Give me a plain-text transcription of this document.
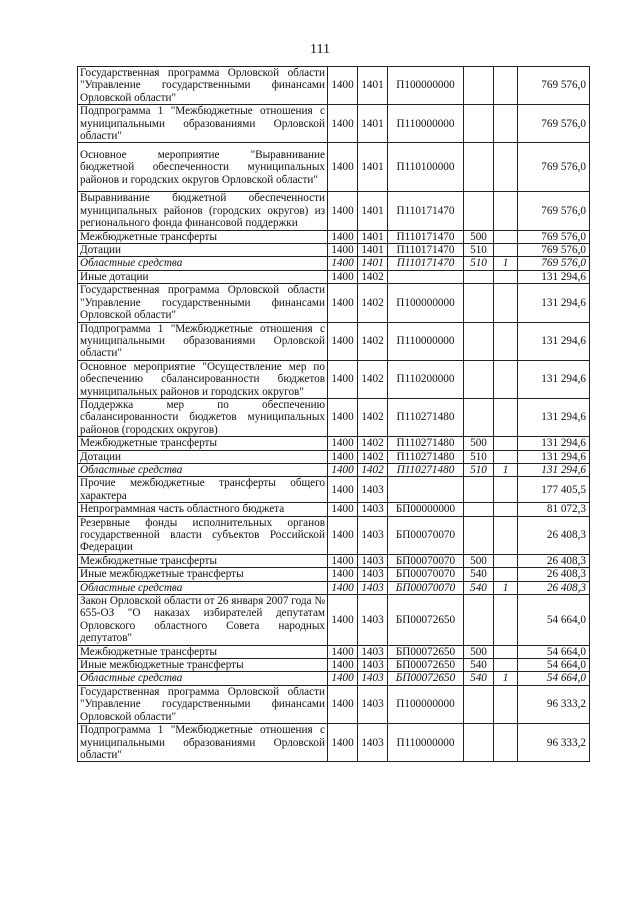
111
Государственная программа Орловской области "Управление государственными финансами Орловской области"	1400	1401	П100000000			769 576,0
Подпрограмма 1 "Межбюджетные отношения с муниципальными образованиями Орловской области"	1400	1401	П110000000			769 576,0
Основное мероприятие "Выравнивание бюджетной обеспеченности муниципальных районов и городских округов Орловской области"	1400	1401	П110100000			769 576,0
Выравнивание бюджетной обеспеченности муниципальных районов (городских округов) из регионального фонда финансовой поддержки	1400	1401	П110171470			769 576,0
Межбюджетные трансферты	1400	1401	П110171470	500		769 576,0
Дотации	1400	1401	П110171470	510		769 576,0
Областные средства	1400	1401	П110171470	510	1	769 576,0
Иные дотации	1400	1402				131 294,6
Государственная программа Орловской области "Управление государственными финансами Орловской области"	1400	1402	П100000000			131 294,6
Подпрограмма 1 "Межбюджетные отношения с муниципальными образованиями Орловской области"	1400	1402	П110000000			131 294,6
Основное мероприятие "Осуществление мер по обеспечению сбалансированности бюджетов муниципальных районов и городских округов"	1400	1402	П110200000			131 294,6
Поддержка мер по обеспечению сбалансированности бюджетов муниципальных районов (городских округов)	1400	1402	П110271480			131 294,6
Межбюджетные трансферты	1400	1402	П110271480	500		131 294,6
Дотации	1400	1402	П110271480	510		131 294,6
Областные средства	1400	1402	П110271480	510	1	131 294,6
Прочие межбюджетные трансферты общего характера	1400	1403				177 405,5
Непрограммная часть областного бюджета	1400	1403	БП00000000			81 072,3
Резервные фонды исполнительных органов государственной власти субъектов Российской Федерации	1400	1403	БП00070070			26 408,3
Межбюджетные трансферты	1400	1403	БП00070070	500		26 408,3
Иные межбюджетные трансферты	1400	1403	БП00070070	540		26 408,3
Областные средства	1400	1403	БП00070070	540	1	26 408,3
Закон Орловской области от 26 января 2007 года № 655-ОЗ "О наказах избирателей депутатам Орловского областного Совета народных депутатов"	1400	1403	БП00072650			54 664,0
Межбюджетные трансферты	1400	1403	БП00072650	500		54 664,0
Иные межбюджетные трансферты	1400	1403	БП00072650	540		54 664,0
Областные средства	1400	1403	БП00072650	540	1	54 664,0
Государственная программа Орловской области "Управление государственными финансами Орловской области"	1400	1403	П100000000			96 333,2
Подпрограмма 1 "Межбюджетные отношения с муниципальными образованиями Орловской области"	1400	1403	П110000000			96 333,2
